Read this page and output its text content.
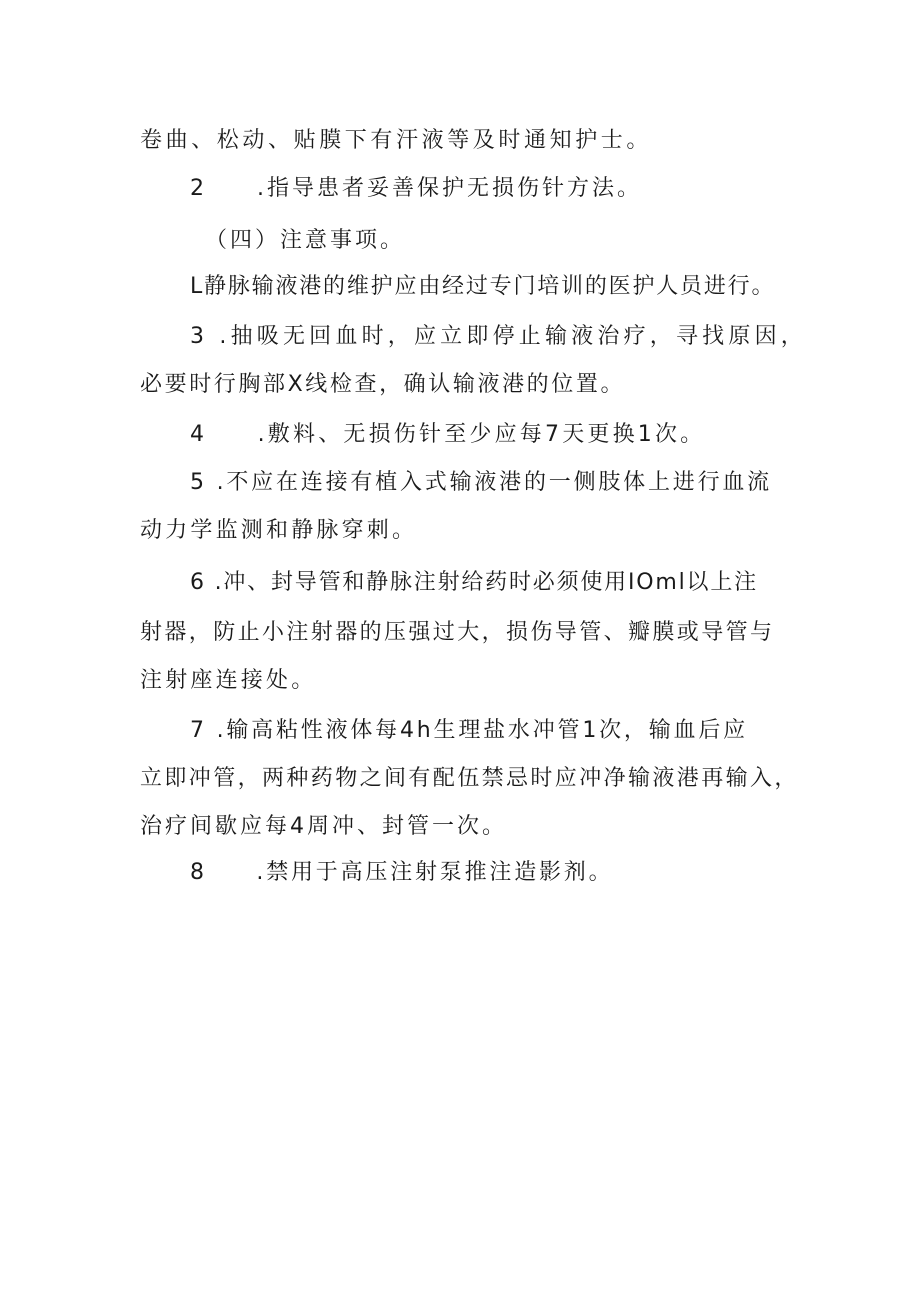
卷曲、松动、贴膜下有汗液等及时通知护士。
2　　.指导患者妥善保护无损伤针方法。
（四）注意事项。
L静脉输液港的维护应由经过专门培训的医护人员进行。
3 .抽吸无回血时，应立即停止输液治疗，寻找原因，
必要时行胸部X线检查，确认输液港的位置。
4　　.敷料、无损伤针至少应每7天更换1次。
5 .不应在连接有植入式输液港的一侧肢体上进行血流
动力学监测和静脉穿刺。
6 .冲、封导管和静脉注射给药时必须使用IOml以上注
射器，防止小注射器的压强过大，损伤导管、瓣膜或导管与
注射座连接处。
7 .输高粘性液体每4h生理盐水冲管1次，输血后应
立即冲管，两种药物之间有配伍禁忌时应冲净输液港再输入，
治疗间歇应每4周冲、封管一次。
8　　.禁用于高压注射泵推注造影剂。
